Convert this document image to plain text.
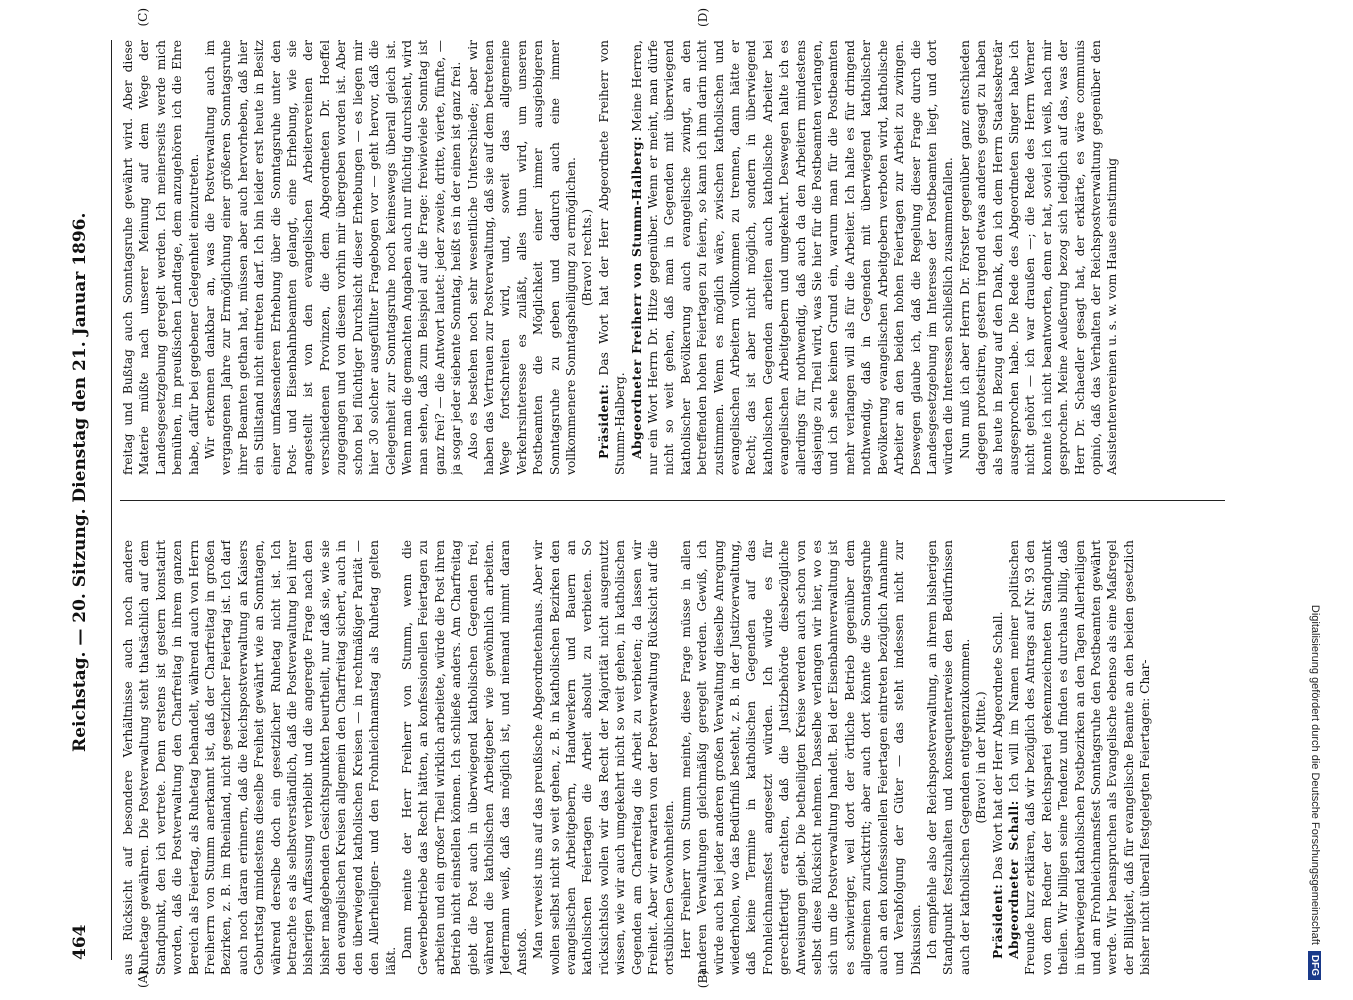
464
Reichstag. — 20. Sitzung. Dienstag den 21. Januar 1896.

aus Rücksicht auf besondere Verhältnisse auch noch andere Ruhetage gewähren. Die Postverwaltung steht thatsächlich auf dem Standpunkt, den ich vertrete. Denn erstens ist gestern konstatirt worden, daß die Postverwaltung den Charfreitag in ihrem ganzen Bereich als Feiertag, als Ruhetag behandelt, während auch von Herrn Freiherrn von Stumm anerkannt ist, daß der Charfreitag in großen Bezirken, z. B. im Rheinland, nicht gesetzlicher Feiertag ist. Ich darf auch noch daran erinnern, daß die Reichspostverwaltung an Kaisers Geburtstag mindestens dieselbe Freiheit gewährt wie an Sonntagen, während derselbe doch ein gesetzlicher Ruhetag nicht ist. Ich betrachte es als selbstverständlich, daß die Postverwaltung bei ihrer bisherigen Auffassung verbleibt und die angeregte Frage nach den bisher maßgebenden Gesichtspunkten beurtheilt, nur daß sie, wie sie den evangelischen Kreisen allgemein den Charfreitag sichert, auch in den überwiegend katholischen Kreisen — in rechtmäßiger Parität — den Allerheiligen- und den Frohnleichnamstag als Ruhetag gelten läßt.

Dann meinte der Herr Freiherr von Stumm, wenn die Gewerbebetriebe das Recht hätten, an konfessionellen Feiertagen zu arbeiten und ein großer Theil wirklich arbeitete, würde die Post ihren Betrieb nicht einstellen können. Ich schließe anders. Am Charfreitag giebt die Post auch in überwiegend katholischen Gegenden frei, während die katholischen Arbeitgeber wie gewöhnlich arbeiten. Jedermann weiß, daß das möglich ist, und niemand nimmt daran Anstoß. Man verweist uns auf das preußische Abgeordnetenhaus. Aber wir wollen selbst nicht so weit gehen, z. B. in katholischen Bezirken den evangelischen Arbeitgebern, Handwerkern und Bauern an katholischen Feiertagen die Arbeit absolut zu verbieten. So rücksichtslos wollen wir das Recht der Majorität nicht ausgenutzt wissen, wie wir auch umgekehrt nicht so weit gehen, in katholischen Gegenden am Charfreitag die Arbeit zu verbieten; da lassen wir Freiheit. Aber wir erwarten von der Postverwaltung Rücksicht auf die ortsüblichen Gewohnheiten. Herr Freiherr von Stumm meinte, diese Frage müsse in allen anderen Verwaltungen gleichmäßig geregelt werden. Gewiß, ich würde auch bei jeder anderen großen Verwaltung dieselbe Anregung wiederholen, wo das Bedürfniß besteht, z. B. in der Justizverwaltung, daß keine Termine in katholischen Gegenden auf das Frohnleichnamsfest angesetzt würden. Ich würde es für gerechtfertigt erachten, daß die Justizbehörde diesbezügliche Anweisungen giebt. Die betheiligten Kreise werden auch schon von selbst diese Rücksicht nehmen. Dasselbe verlangen wir hier, wo es sich um die Postverwaltung handelt. Bei der Eisenbahnverwaltung ist es schwieriger, weil dort der örtliche Betrieb gegenüber dem allgemeinen zurücktritt; aber auch dort könnte die Sonntagsruhe auch an den konfessionellen Feiertagen eintreten bezüglich Annahme und Verabfolgung der Güter — das steht indessen nicht zur Diskussion. Ich empfehle also der Reichspostverwaltung, an ihrem bisherigen Standpunkt festzuhalten und konsequenterweise den Bedürfnissen auch der katholischen Gegenden entgegenzukommen. (Bravo! in der Mitte.)

Präsident: Das Wort hat der Herr Abgeordnete Schall. Abgeordneter Schall: Ich will im Namen meiner politischen Freunde kurz erklären, daß wir bezüglich des Antrags auf Nr. 93 den von dem Redner der Reichspartei gekennzeichneten Standpunkt theilen. Wir billigen seine Tendenz und finden es durchaus billig, daß in überwiegend katholischen Postbezirken an den Tagen Allerheiligen und am Frohnleichnamsfest Sonntagsruhe den Postbeamten gewährt werde. Wir beanspruchen als Evangelische ebenso als eine Maßregel der Billigkeit, daß für evangelische Beamte an den beiden gesetzlich bisher nicht überall festgelegten Feiertagen: Char-

freitag und Bußtag auch Sonntagsruhe gewährt wird. Aber diese Materie müßte nach unserer Meinung auf dem Wege der Landesgesetzgebung geregelt werden. Ich meinerseits werde mich bemühen, im preußischen Landtage, dem anzugehören ich die Ehre habe, dafür bei gegebener Gelegenheit einzutreten. Wir erkennen dankbar an, was die Postverwaltung auch im vergangenen Jahre zur Ermöglichung einer größeren Sonntagsruhe ihrer Beamten gethan hat, müssen aber auch hervorheben, daß hier ein Stillstand nicht eintreten darf. Ich bin leider erst heute in Besitz einer umfassenderen Erhebung über die Sonntagsruhe unter den Post- und Eisenbahnbeamten gelangt, eine Erhebung, wie sie angestellt ist von den evangelischen Arbeitervereinen der verschiedenen Provinzen, die dem Abgeordneten Dr. Hoeffel zugegangen und von diesem vorhin mir übergeben worden ist. Aber schon bei flüchtiger Durchsicht dieser Erhebungen — es liegen mir hier 30 solcher ausgefüllter Fragebogen vor — geht hervor, daß die Gelegenheit zur Sonntagsruhe noch keineswegs überall gleich ist. Wenn man die gemachten Angaben auch nur flüchtig durchsieht, wird man sehen, daß zum Beispiel auf die Frage: freiwieviele Sonntag ist ganz frei? — die Antwort lautet: jeder zweite, dritte, vierte, fünfte, — ja sogar jeder siebente Sonntag, heißt es in der einen ist ganz frei. Also es bestehen noch sehr wesentliche Unterschiede; aber wir haben das Vertrauen zur Postverwaltung, daß sie auf dem betretenen Wege fortschreiten wird, und, soweit das allgemeine Verkehrsinteresse es zuläßt, alles thun wird, um unseren Postbeamten die Möglichkeit einer immer ausgiebigeren Sonntagsruhe zu geben und dadurch auch eine immer vollkommenere Sonntagsheiligung zu ermöglichen. (Bravo! rechts.)

Präsident: Das Wort hat der Herr Abgeordnete Freiherr von Stumm-Halberg. Abgeordneter Freiherr von Stumm-Halberg: Meine Herren, nur ein Wort Herrn Dr. Hitze gegenüber. Wenn er meint, man dürfe nicht so weit gehen, daß man in Gegenden mit überwiegend katholischer Bevölkerung auch evangelische zwingt, an den betreffenden hohen Feiertagen zu feiern, so kann ich ihm darin nicht zustimmen. Wenn es möglich wäre, zwischen katholischen und evangelischen Arbeitern vollkommen zu trennen, dann hätte er Recht; das ist aber nicht möglich, sondern in überwiegend katholischen Gegenden arbeiten auch katholische Arbeiter bei evangelischen Arbeitgebern und umgekehrt. Deswegen halte ich es allerdings für nothwendig, daß auch da den Arbeitern mindestens dasjenige zu Theil wird, was Sie hier für die Postbeamten verlangen, und ich sehe keinen Grund ein, warum man für die Postbeamten mehr verlangen will als für die Arbeiter. Ich halte es für dringend nothwendig, daß in Gegenden mit überwiegend katholischer Bevölkerung evangelischen Arbeitgebern verboten wird, katholische Arbeiter an den beiden hohen Feiertagen zur Arbeit zu zwingen. Deswegen glaube ich, daß die Regelung dieser Frage durch die Landesgesetzgebung im Interesse der Postbeamten liegt, und dort würden die Interessen schließlich zusammenfallen. Nun muß ich aber Herrn Dr. Förster gegenüber ganz entschieden dagegen protestiren, gestern irgend etwas anderes gesagt zu haben als heute in Bezug auf den Dank, den ich dem Herrn Staatssekretär ausgesprochen habe. Die Rede des Abgeordneten Singer habe ich nicht gehört — ich war draußen —; die Rede des Herrn Werner konnte ich nicht beantworten, denn er hat, soviel ich weiß, nach mir gesprochen. Meine Aeußerung bezog sich lediglich auf das, was der Herr Dr. Schaedler gesagt hat, der erklärte, es wäre communis opinio, daß das Verhalten der Reichspostverwaltung gegenüber den Assistentenvereinen u. s. w. vom Hause einstimmig

(A)	(B)
(C)	(D)
Digitalisierung gefördert durch die Deutsche Forschungsgemeinschaft
DFG
